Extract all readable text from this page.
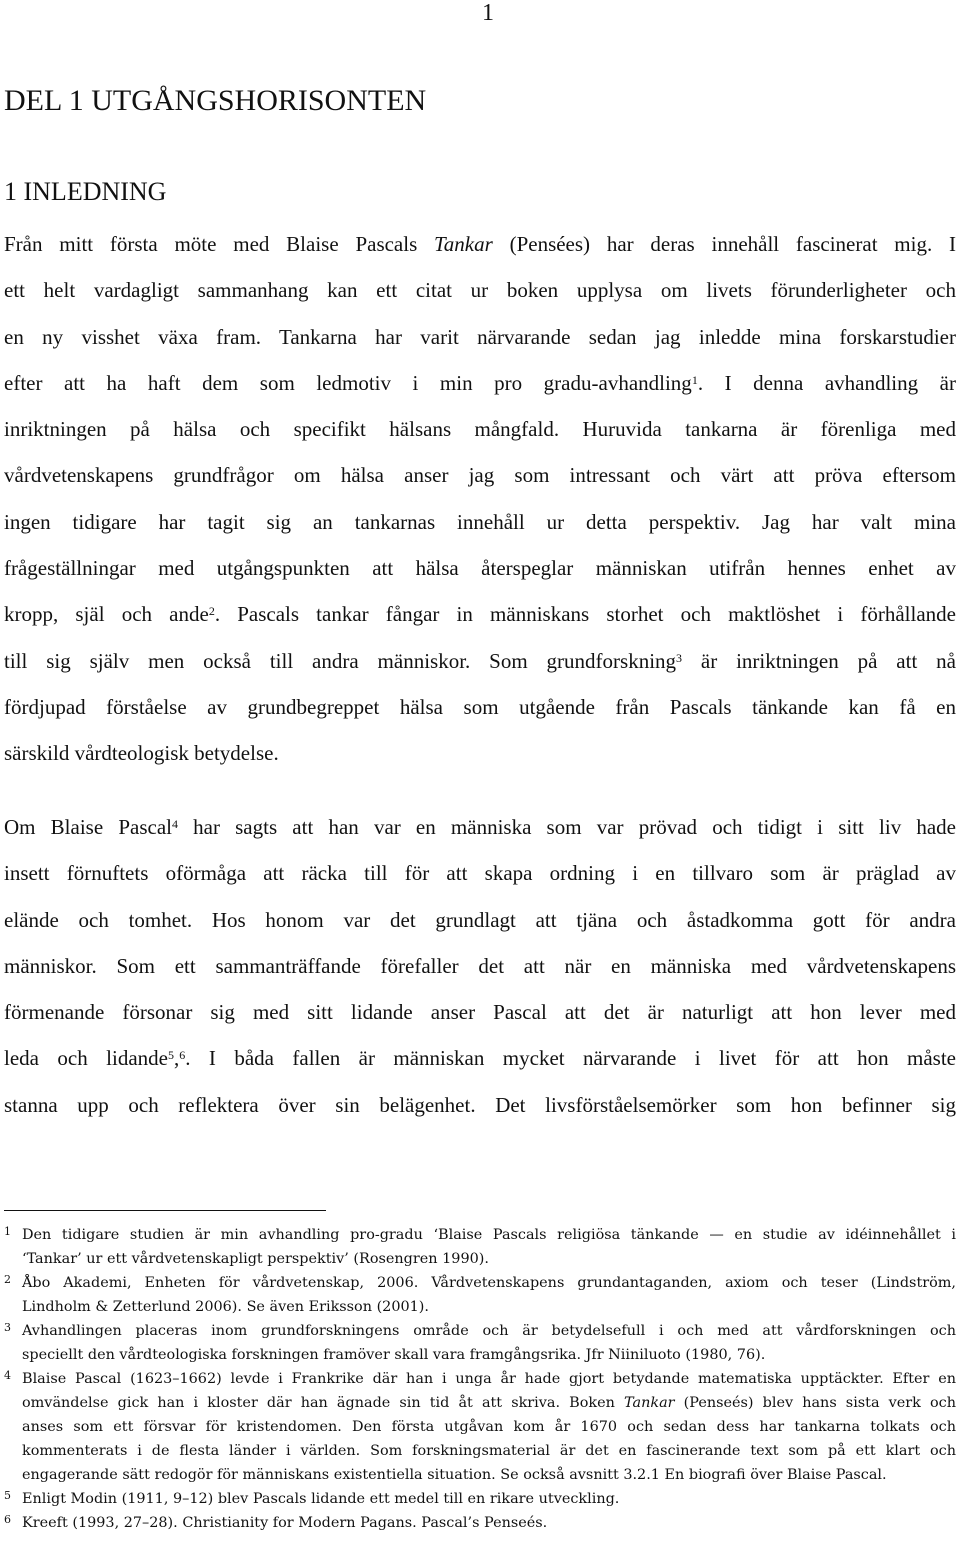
1
DEL 1 UTGÅNGSHORISONTEN
1 INLEDNING
Från mitt första möte med Blaise Pascals Tankar (Pensées) har deras innehåll fascinerat mig. I
ett helt vardagligt sammanhang kan ett citat ur boken upplysa om livets förunderligheter och
en ny visshet växa fram. Tankarna har varit närvarande sedan jag inledde mina forskarstudier
efter att ha haft dem som ledmotiv i min pro gradu-avhandling$^1$. I denna avhandling är
inriktningen på hälsa och specifikt hälsans mångfald. Huruvida tankarna är förenliga med
vårdvetenskapens grundfrågor om hälsa anser jag som intressant och värt att pröva eftersom
ingen tidigare har tagit sig an tankarnas innehåll ur detta perspektiv. Jag har valt mina
frågeställningar med utgångspunkten att hälsa återspeglar människan utifrån hennes enhet av
kropp, själ och ande$^2$. Pascals tankar fångar in människans storhet och maktlöshet i förhållande
till sig själv men också till andra människor. Som grundforskning$^3$ är inriktningen på att nå
fördjupad förståelse av grundbegreppet hälsa som utgående från Pascals tänkande kan få en
särskild vårdteologisk betydelse.
Om Blaise Pascal$^4$ har sagts att han var en människa som var prövad och tidigt i sitt liv hade
insett förnuftets oförmåga att räcka till för att skapa ordning i en tillvaro som är präglad av
elände och tomhet. Hos honom var det grundlagt att tjäna och åstadkomma gott för andra
människor. Som ett sammanträffande förefaller det att när en människa med vårdvetenskapens
förmenande försonar sig med sitt lidande anser Pascal att det är naturligt att hon lever med
leda och lidande$^5$,$^6$. I båda fallen är människan mycket närvarande i livet för att hon måste
stanna upp och reflektera över sin belägenhet. Det livsförståelsemörker som hon befinner sig
1 Den tidigare studien är min avhandling pro-gradu ‘Blaise Pascals religiösa tänkande — en studie av idéinnehållet i
‘Tankar’ ur ett vårdvetenskapligt perspektiv’ (Rosengren 1990).
2 Åbo Akademi, Enheten för vårdvetenskap, 2006. Vårdvetenskapens grundantaganden, axiom och teser (Lindström,
Lindholm & Zetterlund 2006). Se även Eriksson (2001).
3 Avhandlingen placeras inom grundforskningens område och är betydelsefull i och med att vårdforskningen och
speciellt den vårdteologiska forskningen framöver skall vara framgångsrika. Jfr Niiniluoto (1980, 76).
4 Blaise Pascal (1623–1662) levde i Frankrike där han i unga år hade gjort betydande matematiska upptäckter. Efter en
omvändelse gick han i kloster där han ägnade sin tid åt att skriva. Boken Tankar (Penseés) blev hans sista verk och
anses som ett försvar för kristendomen. Den första utgåvan kom år 1670 och sedan dess har tankarna tolkats och
kommenterats i de flesta länder i världen. Som forskningsmaterial är det en fascinerande text som på ett klart och
engagerande sätt redogör för människans existentiella situation. Se också avsnitt 3.2.1 En biografi över Blaise Pascal.
5 Enligt Modin (1911, 9–12) blev Pascals lidande ett medel till en rikare utveckling.
6 Kreeft (1993, 27–28). Christianity for Modern Pagans. Pascal’s Penseés.
